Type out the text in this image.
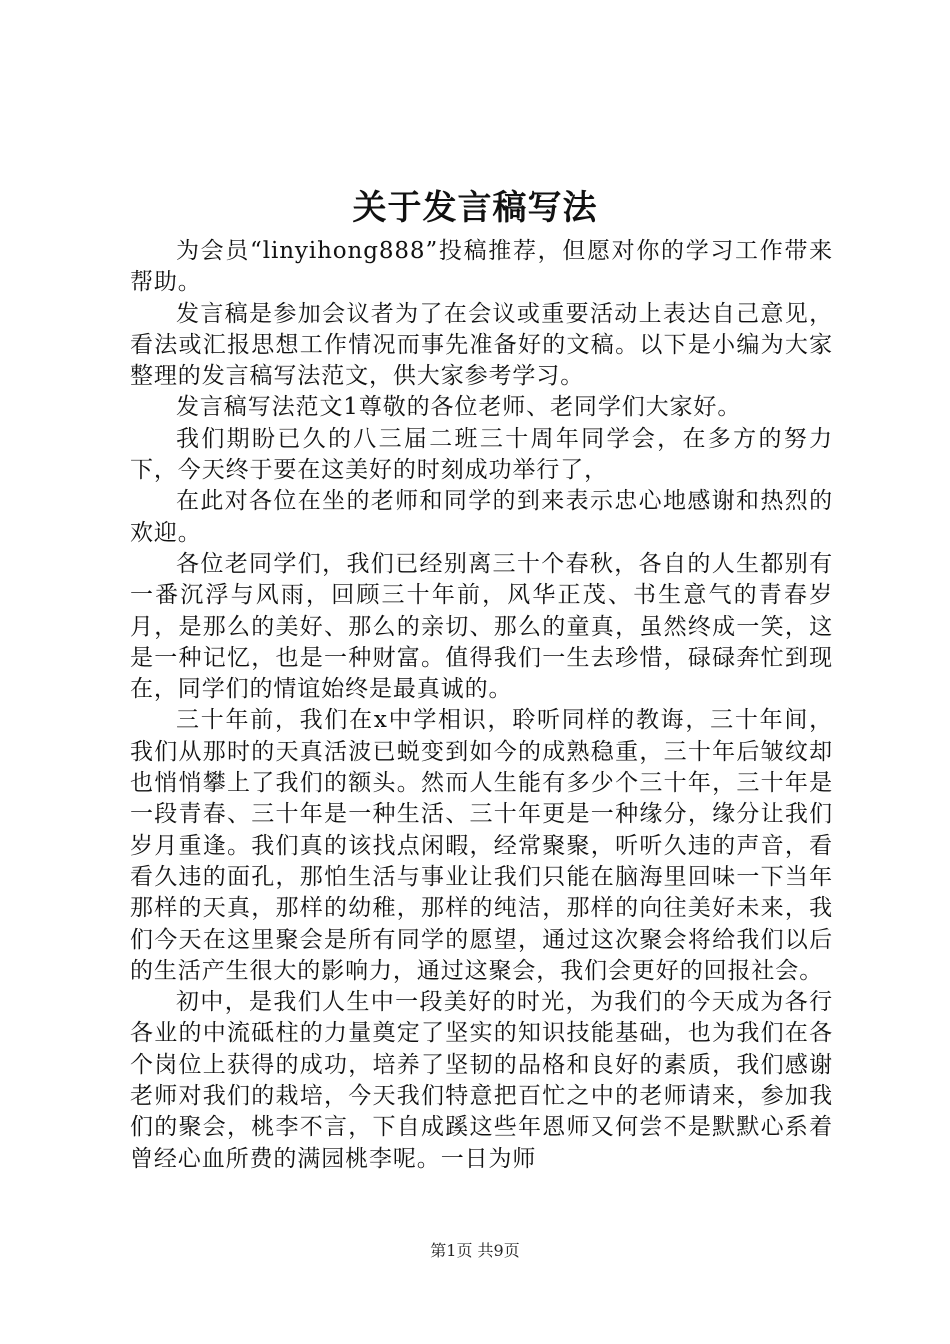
关于发言稿写法

为会员“linyihong888”投稿推荐，但愿对你的学习工作带来帮助。

发言稿是参加会议者为了在会议或重要活动上表达自己意见，看法或汇报思想工作情况而事先准备好的文稿。以下是小编为大家整理的发言稿写法范文，供大家参考学习。

发言稿写法范文1尊敬的各位老师、老同学们大家好。

我们期盼已久的八三届二班三十周年同学会，在多方的努力下，今天终于要在这美好的时刻成功举行了，

在此对各位在坐的老师和同学的到来表示忠心地感谢和热烈的欢迎。

各位老同学们，我们已经别离三十个春秋，各自的人生都别有一番沉浮与风雨，回顾三十年前，风华正茂、书生意气的青春岁月，是那么的美好、那么的亲切、那么的童真，虽然终成一笑，这是一种记忆，也是一种财富。值得我们一生去珍惜，碌碌奔忙到现在，同学们的情谊始终是最真诚的。

三十年前，我们在x中学相识，聆听同样的教诲，三十年间，我们从那时的天真活波已蜕变到如今的成熟稳重，三十年后皱纹却也悄悄攀上了我们的额头。然而人生能有多少个三十年，三十年是一段青春、三十年是一种生活、三十年更是一种缘分，缘分让我们岁月重逢。我们真的该找点闲暇，经常聚聚，听听久违的声音，看看久违的面孔，那怕生活与事业让我们只能在脑海里回味一下当年那样的天真，那样的幼稚，那样的纯洁，那样的向往美好未来，我们今天在这里聚会是所有同学的愿望，通过这次聚会将给我们以后的生活产生很大的影响力，通过这聚会，我们会更好的回报社会。

初中，是我们人生中一段美好的时光，为我们的今天成为各行各业的中流砥柱的力量奠定了坚实的知识技能基础，也为我们在各个岗位上获得的成功，培养了坚韧的品格和良好的素质，我们感谢老师对我们的栽培，今天我们特意把百忙之中的老师请来，参加我们的聚会，桃李不言，下自成蹊这些年恩师又何尝不是默默心系着曾经心血所费的满园桃李呢。一日为师

第1页 共9页
